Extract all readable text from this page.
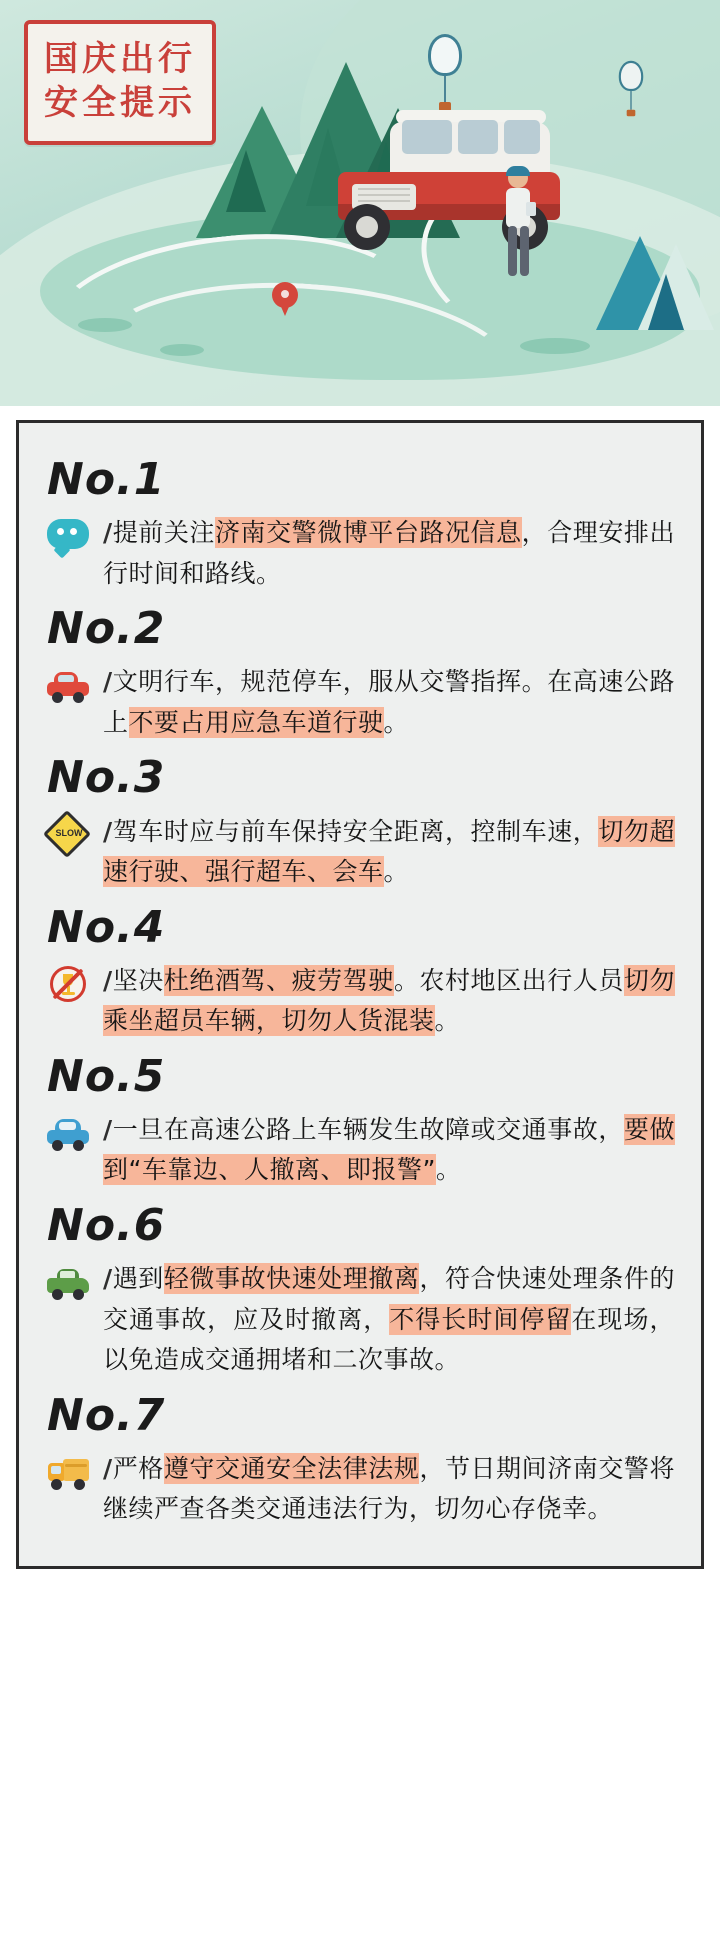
国庆出行
安全提示
No.1

/提前关注济南交警微博平台路况信息，合理安排出行时间和路线。

No.2

/文明行车，规范停车，服从交警指挥。在高速公路上不要占用应急车道行驶。

No.3
SLOW /驾车时应与前车保持安全距离，控制车速，切勿超速行驶、强行超车、会车。

No.4

/坚决杜绝酒驾、疲劳驾驶。农村地区出行人员切勿乘坐超员车辆，切勿人货混装。

No.5

/一旦在高速公路上车辆发生故障或交通事故，要做到“车靠边、人撤离、即报警”。

No.6

/遇到轻微事故快速处理撤离，符合快速处理条件的交通事故，应及时撤离，不得长时间停留在现场，以免造成交通拥堵和二次事故。

No.7

/严格遵守交通安全法律法规，节日期间济南交警将继续严查各类交通违法行为，切勿心存侥幸。
